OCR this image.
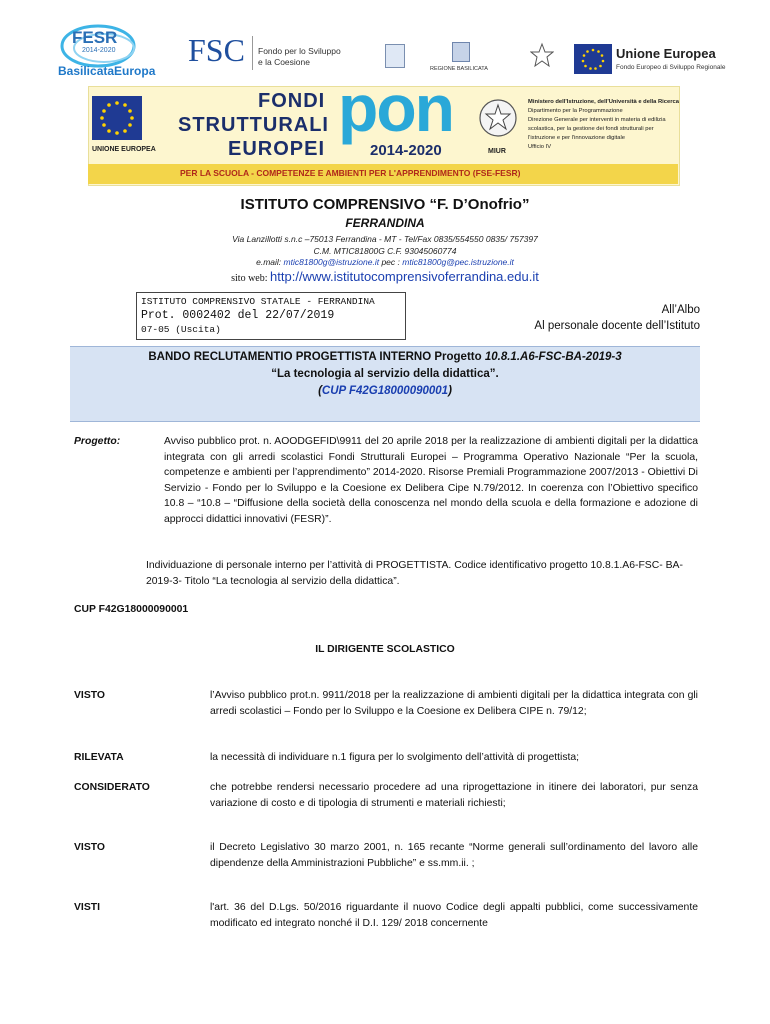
FESR
2014-2020
BasilicataEuropa
FSC Fondo per lo Sviluppo
e la Coesione
REGIONE BASILICATA
Unione Europea
Fondo Europeo di Sviluppo Regionale
UNIONE EUROPEA
FONDI
STRUTTURALI
EUROPEI
pon
2014-2020	MIUR
Ministero dell'Istruzione, dell'Università e della Ricerca
Dipartimento per la Programmazione
Direzione Generale per interventi in materia di edilizia
scolastica, per la gestione dei fondi strutturali per
l'istruzione e per l'innovazione digitale
Ufficio IV
PER LA SCUOLA - COMPETENZE E AMBIENTI PER L'APPRENDIMENTO (FSE-FESR)
ISTITUTO COMPRENSIVO “F. D’Onofrio”
FERRANDINA
Via Lanzillotti s.n.c –75013 Ferrandina - MT - Tel/Fax 0835/554550 0835/ 757397
C.M. MTIC81800G C.F. 93045060774
e.mail: mtic81800g@istruzione.it pec : mtic81800g@pec.istruzione.it
sito web: http://www.istitutocomprensivoferrandina.edu.it
ISTITUTO COMPRENSIVO STATALE - FERRANDINA
Prot. 0002402 del 22/07/2019
07-05 (Uscita)
All’Albo
Al personale docente dell’Istituto
BANDO RECLUTAMENTIO PROGETTISTA INTERNO Progetto 10.8.1.A6-FSC-BA-2019-3
“La tecnologia al servizio della didattica”.
(CUP F42G18000090001)
Progetto:	Avviso pubblico prot. n. AOODGEFID\9911 del 20 aprile 2018 per la realizzazione di ambienti digitali per la didattica integrata con gli arredi scolastici Fondi Strutturali Europei – Programma Operativo Nazionale “Per la scuola, competenze e ambienti per l’apprendimento” 2014-2020. Risorse Premiali Programmazione 2007/2013 - Obiettivi Di Servizio - Fondo per lo Sviluppo e la Coesione ex Delibera Cipe N.79/2012. In coerenza con l’Obiettivo specifico 10.8 – “10.8 – “Diffusione della società della conoscenza nel mondo della scuola e della formazione e adozione di approcci didattici innovativi (FESR)”.
Individuazione di personale interno per l’attività di PROGETTISTA. Codice identificativo progetto 10.8.1.A6-FSC- BA-2019-3- Titolo “La tecnologia al servizio della didattica”.
CUP F42G18000090001
IL DIRIGENTE SCOLASTICO
VISTO	l’Avviso pubblico prot.n. 9911/2018 per la realizzazione di ambienti digitali per la didattica integrata con gli arredi scolastici – Fondo per lo Sviluppo e la Coesione ex Delibera CIPE n. 79/12;
RILEVATA	la necessità di individuare n.1 figura per lo svolgimento dell’attività di progettista;
CONSIDERATO	che potrebbe rendersi necessario procedere ad una riprogettazione in itinere dei laboratori, pur senza variazione di costo e di tipologia di strumenti e materiali richiesti;
VISTO	il Decreto Legislativo 30 marzo 2001, n. 165 recante “Norme generali sull’ordinamento del lavoro alle dipendenze della Amministrazioni Pubbliche” e ss.mm.ii. ;
VISTI	l'art. 36 del D.Lgs. 50/2016 riguardante il nuovo Codice degli appalti pubblici, come successivamente modificato ed integrato nonché il D.I. 129/ 2018 concernente
